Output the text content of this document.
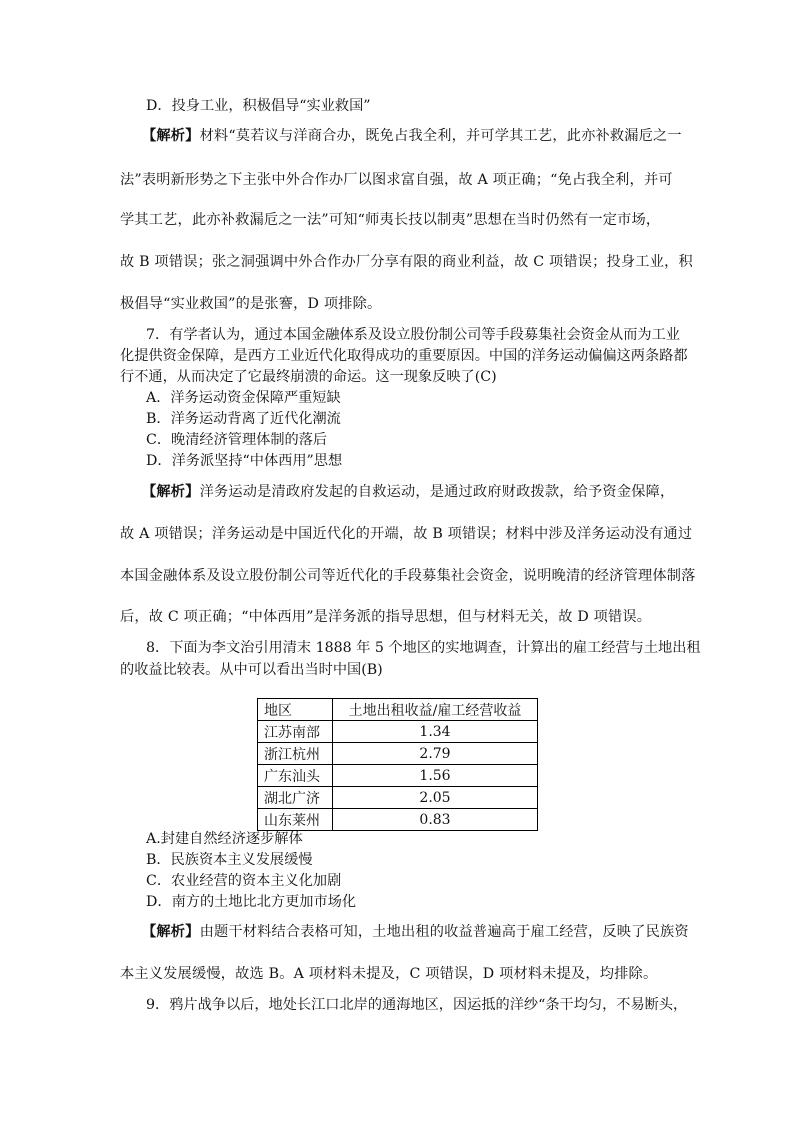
D．投身工业，积极倡导“实业救国”
【解析】材料“莫若议与洋商合办，既免占我全利，并可学其工艺，此亦补救漏卮之一
法”表明新形势之下主张中外合作办厂以图求富自强，故 A 项正确；“免占我全利，并可
学其工艺，此亦补救漏卮之一法”可知“师夷长技以制夷”思想在当时仍然有一定市场，
故 B 项错误；张之洞强调中外合作办厂分享有限的商业利益，故 C 项错误；投身工业，积
极倡导“实业救国”的是张謇，D 项排除。
7．有学者认为，通过本国金融体系及设立股份制公司等手段募集社会资金从而为工业
化提供资金保障，是西方工业近代化取得成功的重要原因。中国的洋务运动偏偏这两条路都
行不通，从而决定了它最终崩溃的命运。这一现象反映了(C)
A．洋务运动资金保障严重短缺
B．洋务运动背离了近代化潮流
C．晚清经济管理体制的落后
D．洋务派坚持“中体西用”思想
【解析】洋务运动是清政府发起的自救运动，是通过政府财政拨款，给予资金保障，
故 A 项错误；洋务运动是中国近代化的开端，故 B 项错误；材料中涉及洋务运动没有通过
本国金融体系及设立股份制公司等近代化的手段募集社会资金，说明晚清的经济管理体制落
后，故 C 项正确；“中体西用”是洋务派的指导思想，但与材料无关，故 D 项错误。
8．下面为李文治引用清末 1888 年 5 个地区的实地调查，计算出的雇工经营与土地出租
的收益比较表。从中可以看出当时中国(B)
地区	土地出租收益/雇工经营收益
江苏南部	1.34
浙江杭州	2.79
广东汕头	1.56
湖北广济	2.05
山东莱州	0.83
A.封建自然经济逐步解体
B．民族资本主义发展缓慢
C．农业经营的资本主义化加剧
D．南方的土地比北方更加市场化
【解析】由题干材料结合表格可知，土地出租的收益普遍高于雇工经营，反映了民族资
本主义发展缓慢，故选 B。A 项材料未提及，C 项错误，D 项材料未提及，均排除。
9．鸦片战争以后，地处长江口北岸的通海地区，因运抵的洋纱“条干均匀，不易断头，
